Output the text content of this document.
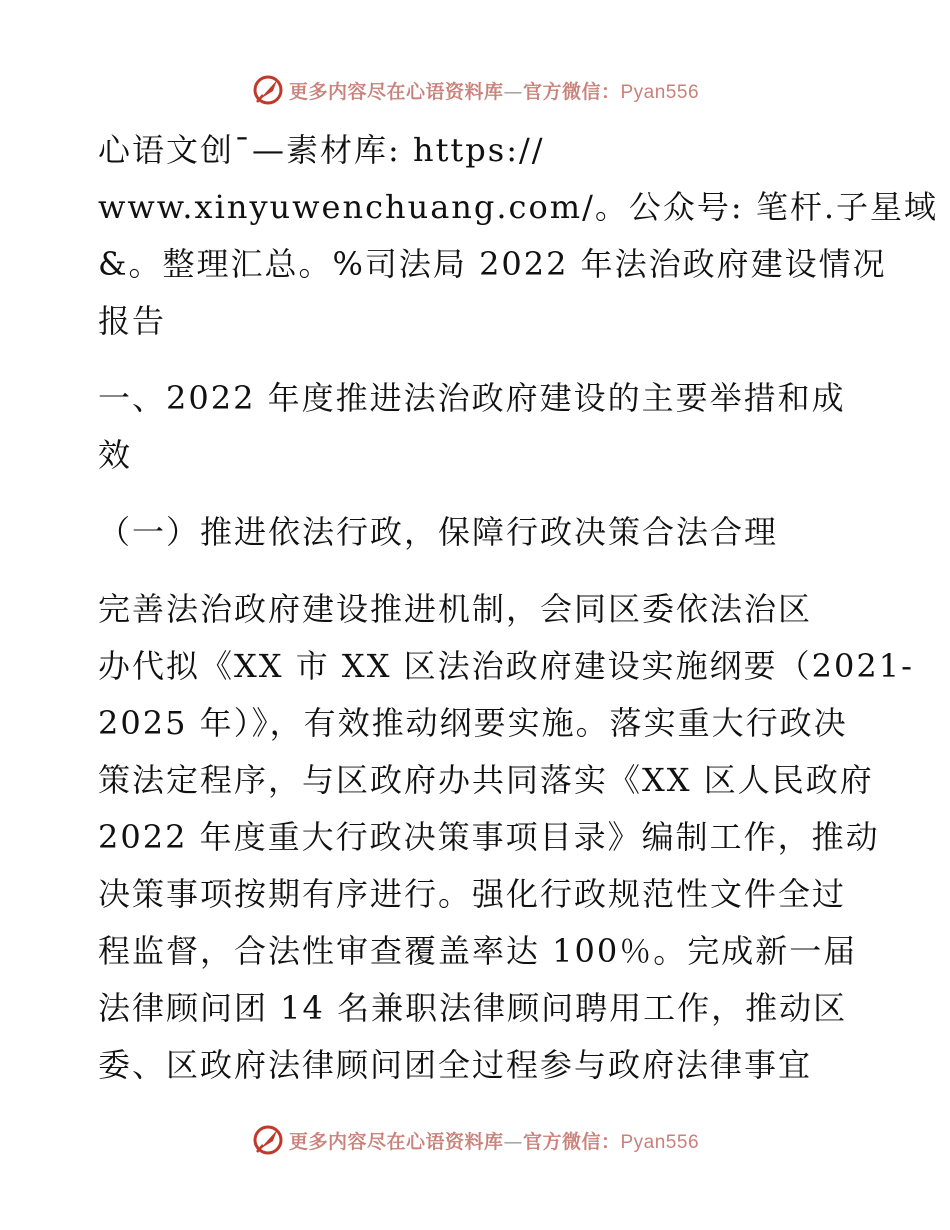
更多内容尽在心语资料库—官方微信：Pyan556

心语文创¯—素材库: https://

www.xinyuwenchuang.com/。公众号: 笔杆.子星域

&。整理汇总。%司法局 2022 年法治政府建设情况

报告

一、2022 年度推进法治政府建设的主要举措和成

效

（一）推进依法行政，保障行政决策合法合理

完善法治政府建设推进机制，会同区委依法治区

办代拟《XX 市 XX 区法治政府建设实施纲要（2021-

2025 年）》，有效推动纲要实施。落实重大行政决

策法定程序，与区政府办共同落实《XX 区人民政府

2022 年度重大行政决策事项目录》编制工作，推动

决策事项按期有序进行。强化行政规范性文件全过

程监督，合法性审查覆盖率达 100％。完成新一届

法律顾问团 14 名兼职法律顾问聘用工作，推动区

委、区政府法律顾问团全过程参与政府法律事宜

更多内容尽在心语资料库—官方微信：Pyan556
